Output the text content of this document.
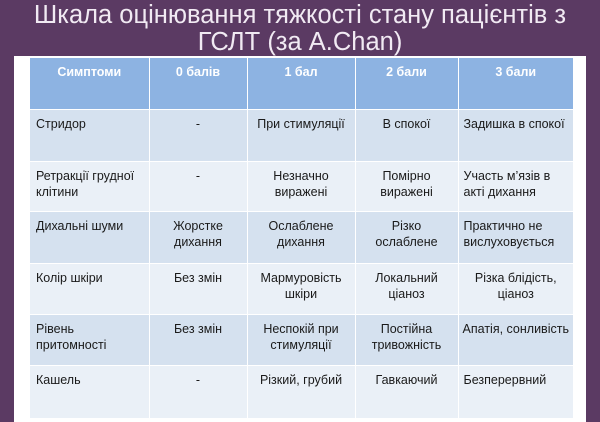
Шкала оцінювання тяжкості стану пацієнтів з
ГСЛТ (за A.Chan)
Симптоми	0 балів	1 бал	2 бали	3 бали
Стридор	-	При стимуляції	В спокої	Задишка в спокої
Ретракції грудної клітини	-	Незначно виражені	Помірно виражені	Участь м’язів в акті дихання
Дихальні шуми	Жорстке дихання	Ослаблене дихання	Різко ослаблене	Практично не вислуховується
Колір шкіри	Без змін	Мармуровість шкіри	Локальний ціаноз	Різка блідість, ціаноз
Рівень притомності	Без змін	Неспокій при стимуляції	Постійна тривожність	Апатія, сонливість
Кашель	-	Різкий, грубий	Гавкаючий	Безперервний
